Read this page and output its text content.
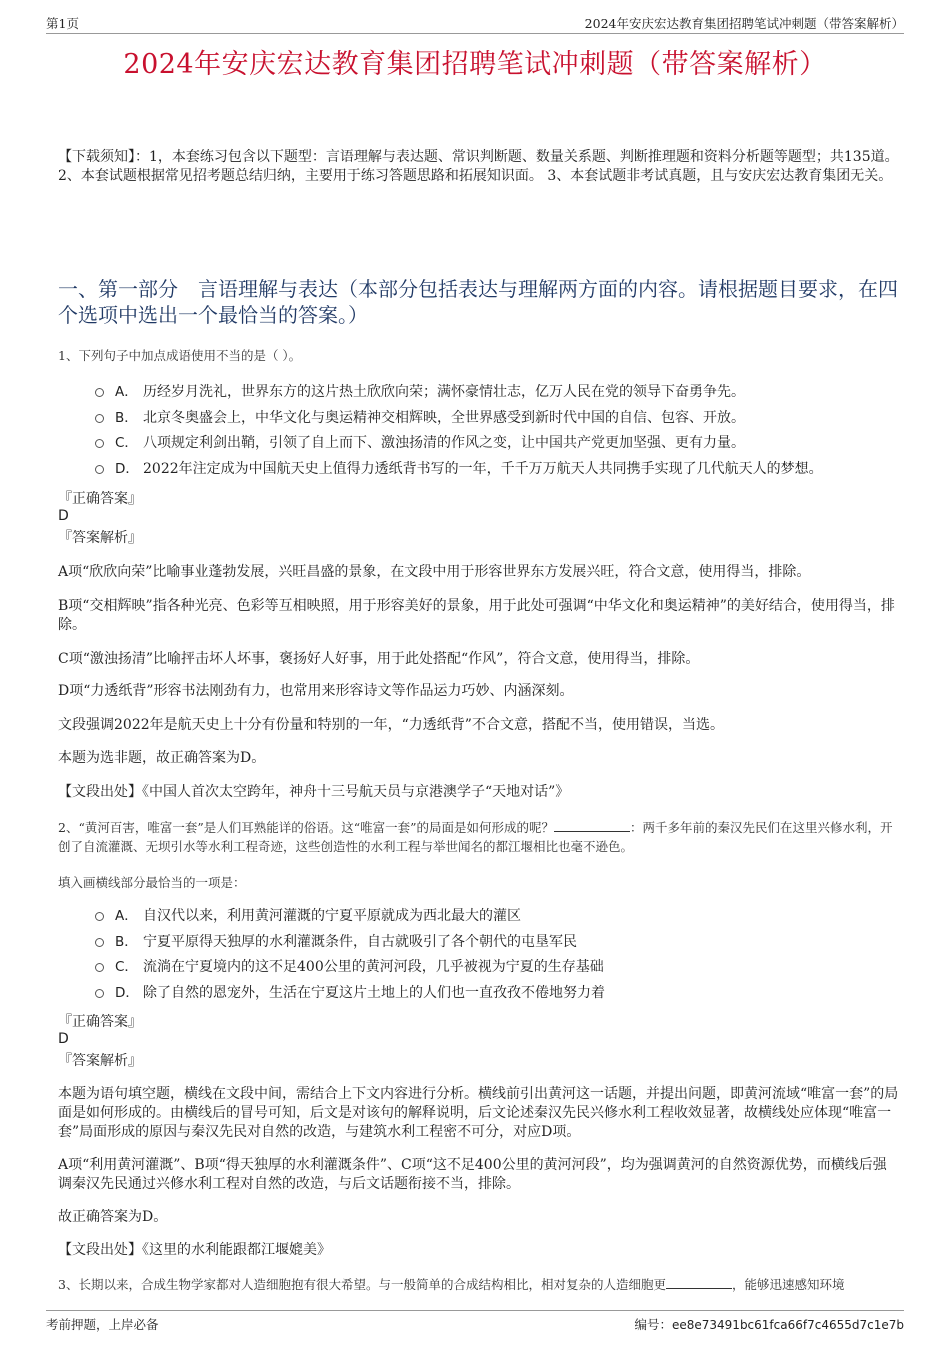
第1页	2024年安庆宏达教育集团招聘笔试冲刺题（带答案解析）
2024年安庆宏达教育集团招聘笔试冲刺题（带答案解析）
【下载须知】：1，本套练习包含以下题型：言语理解与表达题、常识判断题、数量关系题、判断推理题和资料分析题等题型；共135道。 2、本套试题根据常见招考题总结归纳，主要用于练习答题思路和拓展知识面。 3、本套试题非考试真题，且与安庆宏达教育集团无关。
一、第一部分　言语理解与表达（本部分包括表达与理解两方面的内容。请根据题目要求，在四个选项中选出一个最恰当的答案。）
1、下列句子中加点成语使用不当的是（ ）。
A． 历经岁月洗礼，世界东方的这片热土欣欣向荣；满怀豪情壮志，亿万人民在党的领导下奋勇争先。
B． 北京冬奥盛会上，中华文化与奥运精神交相辉映，全世界感受到新时代中国的自信、包容、开放。
C． 八项规定利剑出鞘，引领了自上而下、激浊扬清的作风之变，让中国共产党更加坚强、更有力量。
D． 2022年注定成为中国航天史上值得力透纸背书写的一年，千千万万航天人共同携手实现了几代航天人的梦想。
『正确答案』
D
『答案解析』
A项“欣欣向荣”比喻事业蓬勃发展，兴旺昌盛的景象，在文段中用于形容世界东方发展兴旺，符合文意，使用得当，排除。
B项“交相辉映”指各种光亮、色彩等互相映照，用于形容美好的景象，用于此处可强调“中华文化和奥运精神”的美好结合，使用得当，排除。
C项“激浊扬清”比喻抨击坏人坏事，褒扬好人好事，用于此处搭配“作风”，符合文意，使用得当，排除。
D项“力透纸背”形容书法刚劲有力，也常用来形容诗文等作品运力巧妙、内涵深刻。
文段强调2022年是航天史上十分有份量和特别的一年，“力透纸背”不合文意，搭配不当，使用错误，当选。
本题为选非题，故正确答案为D。
【文段出处】《中国人首次太空跨年，神舟十三号航天员与京港澳学子“天地对话”》
2、“黄河百害，唯富一套”是人们耳熟能详的俗语。这“唯富一套”的局面是如何形成的呢？	：两千多年前的秦汉先民们在这里兴修水利，开创了自流灌溉、无坝引水等水利工程奇迹，这些创造性的水利工程与举世闻名的都江堰相比也毫不逊色。
填入画横线部分最恰当的一项是：
A． 自汉代以来，利用黄河灌溉的宁夏平原就成为西北最大的灌区
B． 宁夏平原得天独厚的水利灌溉条件，自古就吸引了各个朝代的屯垦军民
C． 流淌在宁夏境内的这不足400公里的黄河河段，几乎被视为宁夏的生存基础
D． 除了自然的恩宠外，生活在宁夏这片土地上的人们也一直孜孜不倦地努力着
『正确答案』
D
『答案解析』
本题为语句填空题，横线在文段中间，需结合上下文内容进行分析。横线前引出黄河这一话题，并提出问题，即黄河流域“唯富一套”的局面是如何形成的。由横线后的冒号可知，后文是对该句的解释说明，后文论述秦汉先民兴修水利工程收效显著，故横线处应体现“唯富一套”局面形成的原因与秦汉先民对自然的改造，与建筑水利工程密不可分，对应D项。
A项“利用黄河灌溉”、B项“得天独厚的水利灌溉条件”、C项“这不足400公里的黄河河段”，均为强调黄河的自然资源优势，而横线后强调秦汉先民通过兴修水利工程对自然的改造，与后文话题衔接不当，排除。
故正确答案为D。
【文段出处】《这里的水利能跟都江堰媲美》
3、长期以来，合成生物学家都对人造细胞抱有很大希望。与一般简单的合成结构相比，相对复杂的人造细胞更	，能够迅速感知环境
考前押题，上岸必备	编号：ee8e73491bc61fca66f7c4655d7c1e7b
